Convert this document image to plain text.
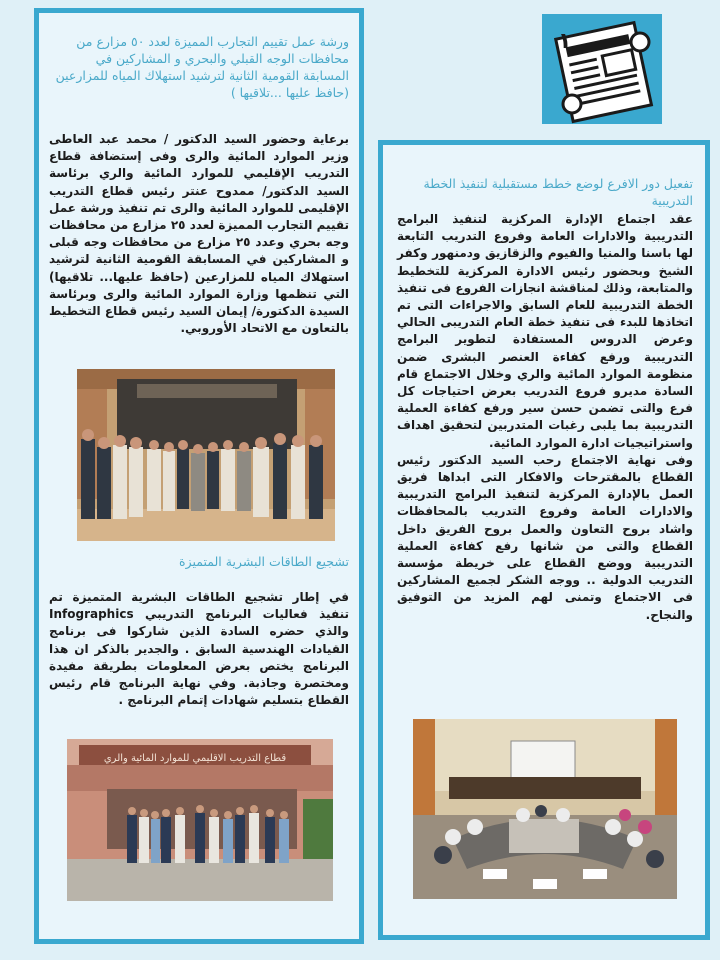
ورشة عمل تقييم التجارب المميزة لعدد ٥٠ مزارع من محافظات الوجه القبلي والبحري و المشاركين في المسابقة القومية الثانية لترشيد استهلاك المياه للمزارعين (حافظ عليها ...تلاقيها )

برعاية وحضور السيد الدكتور / محمد عبد العاطى وزير الموارد المائية والرى وفى إستضافة قطاع التدريب الإقليمي للموارد المائية والري برئاسة السيد الدكتور/ ممدوح عنتر رئيس قطاع التدريب الإقليمى للموارد المائية والرى تم تنفيذ ورشة عمل تقييم التجارب المميزة لعدد ٢٥ مزارع من محافظات وجه بحري وعدد ٢٥ مزارع من محافظات وجه قبلى و المشاركين في المسابقة القومية الثانية لترشيد استهلاك المياه للمزارعين (حافظ عليها... تلاقيها) التي تنظمها وزارة الموارد المائية والرى وبرئاسة السيدة الدكتورة/ إيمان السيد رئيس قطاع التخطيط بالتعاون مع الاتحاد الأوروبي.

تشجيع الطاقات البشرية المتميزة

في إطار تشجيع الطاقات البشرية المتميزة تم تنفيذ فعاليات البرنامج التدريبي Infographics والذي حضره السادة الذين شاركوا فى برنامج القيادات الهندسية السابق . والجدير بالذكر ان هذا البرنامج يختص بعرض المعلومات بطريقة مفيدة ومختصرة وجاذبة. وفي نهاية البرنامج قام رئيس القطاع بتسليم شهادات إتمام البرنامج .

قطاع التدريب الاقليمي للموارد المائية والري
١

تفعيل دور الافرع لوضع خطط مستقبلية لتنفيذ الخطة التدريبية

عقد اجتماع الإدارة المركزية لتنفيذ البرامج التدريبية والادارات العامة وفروع التدريب التابعة لها باسنا والمنيا والفيوم والزقازيق ودمنهور وكفر الشيخ وبحضور رئيس الادارة المركزية للتخطيط والمتابعة، وذلك لمناقشة انجازات الفروع فى تنفيذ الخطة التدريبية للعام السابق والاجراءات التى تم اتخاذها للبدء فى تنفيذ خطة العام التدريبى الحالي وعرض الدروس المستفادة لتطوير البرامج التدريبية ورفع كفاءة العنصر البشرى ضمن منظومة الموارد المائية والري وخلال الاجتماع قام السادة مديرو فروع التدريب بعرض احتياجات كل فرع والتى تضمن حسن سير ورفع كفاءة العملية التدريبية بما يلبى رغبات المتدربين لتحقيق اهداف واستراتيجيات ادارة الموارد المائية.

وفى نهاية الاجتماع رحب السيد الدكتور رئيس القطاع بالمقترحات والافكار التى ابداها فريق العمل بالإدارة المركزية لتنفيذ البرامج التدريبية والادارات العامة وفروع التدريب بالمحافظات واشاد بروح التعاون والعمل بروح الفريق داخل القطاع والتى من شانها رفع كفاءة العملية التدريبية ووضع القطاع على خريطة مؤسسة التدريب الدولية .. ووجه الشكر لجميع المشاركين فى الاجتماع وتمنى لهم المزيد من التوفيق والنجاح.
